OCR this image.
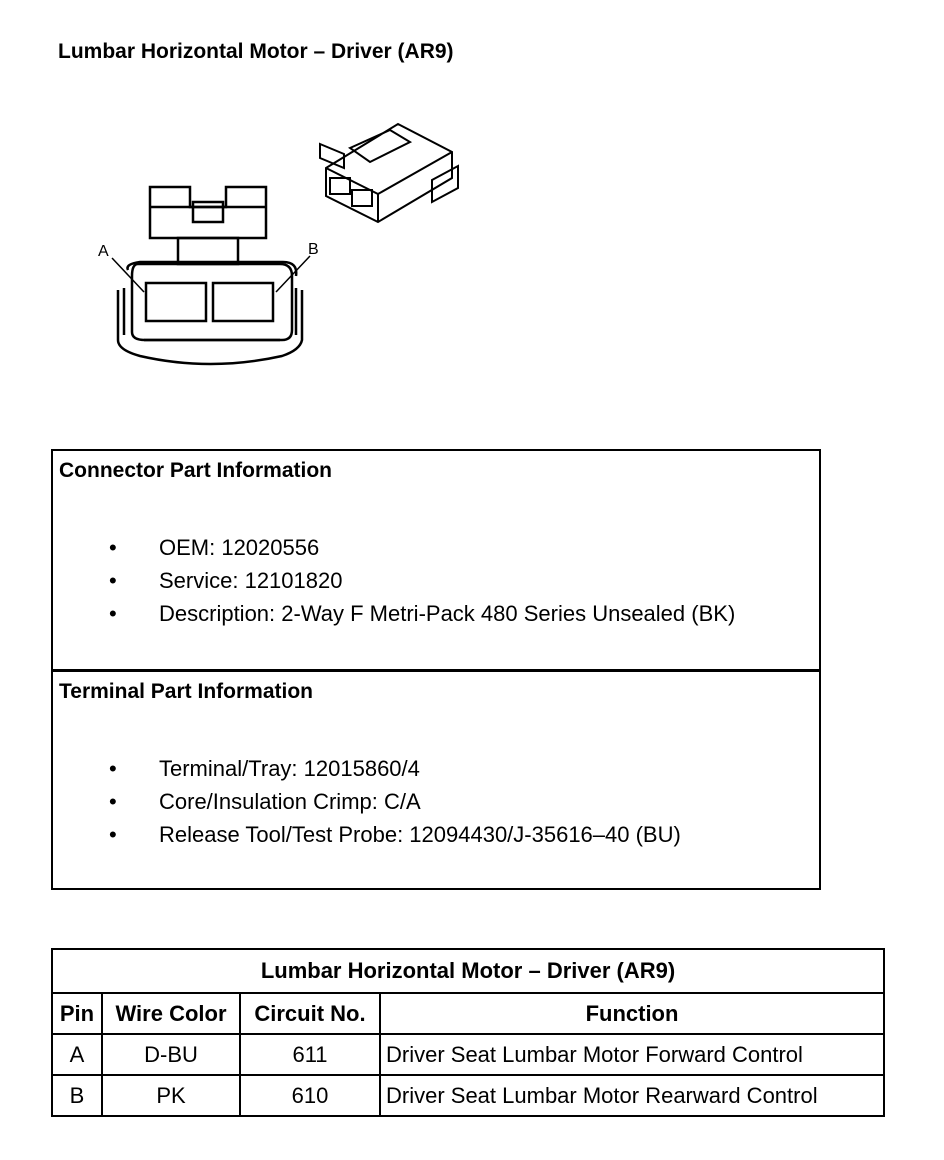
Lumbar Horizontal Motor – Driver (AR9)
A	B
Connector Part Information
• OEM: 12020556
• Service: 12101820
• Description: 2-Way F Metri-Pack 480 Series Unsealed (BK)
Terminal Part Information
• Terminal/Tray: 12015860/4
• Core/Insulation Crimp: C/A
• Release Tool/Test Probe: 12094430/J-35616–40 (BU)
Lumbar Horizontal Motor – Driver (AR9)			
Pin	Wire Color	Circuit No.	Function
A	D-BU	611	Driver Seat Lumbar Motor Forward Control
B	PK	610	Driver Seat Lumbar Motor Rearward Control
